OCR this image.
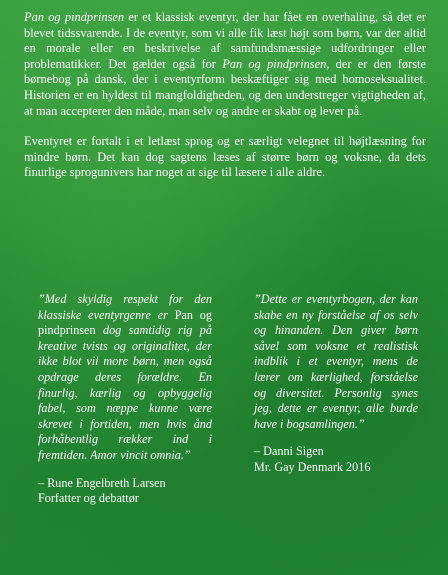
Pan og pindprinsen er et klassisk eventyr, der har fået en overhaling, så det er blevet tidssvarende. I de eventyr, som vi alle fik læst højt som børn, var der altid en morale eller en beskrivelse af samfundsmæssige udfordringer eller problematikker. Det gælder også for Pan og pindprinsen, der er den første børnebog på dansk, der i eventyrform beskæftiger sig med homoseksualitet. Historien er en hyldest til mangfoldigheden, og den understreger vigtigheden af, at man accepterer den måde, man selv og andre er skabt og lever på.

Eventyret er fortalt i et letlæst sprog og er særligt velegnet til højtlæsning for mindre børn. Det kan dog sagtens læses af større børn og voksne, da dets finurlige sprogunivers har noget at sige til læsere i alle aldre.

”Med skyldig respekt for den klassiske eventyrgenre er Pan og pindprinsen dog samtidig rig på kreative tvists og originalitet, der ikke blot vil more børn, men også opdrage deres forældre. En finurlig, kærlig og opbyggelig fabel, som næppe kunne være skrevet i fortiden, men hvis ånd forhåbentlig rækker ind i fremtiden. Amor vincit omnia.”

– Rune Engelbreth Larsen
Forfatter og debattør

”Dette er eventyrbogen, der kan skabe en ny forståelse af os selv og hinanden. Den giver børn såvel som voksne et realistisk indblik i et eventyr, mens de lærer om kærlighed, forståelse og diversitet. Personlig synes jeg, dette er eventyr, alle burde have i bogsamlingen.”

– Danni Sigen
Mr. Gay Denmark 2016
